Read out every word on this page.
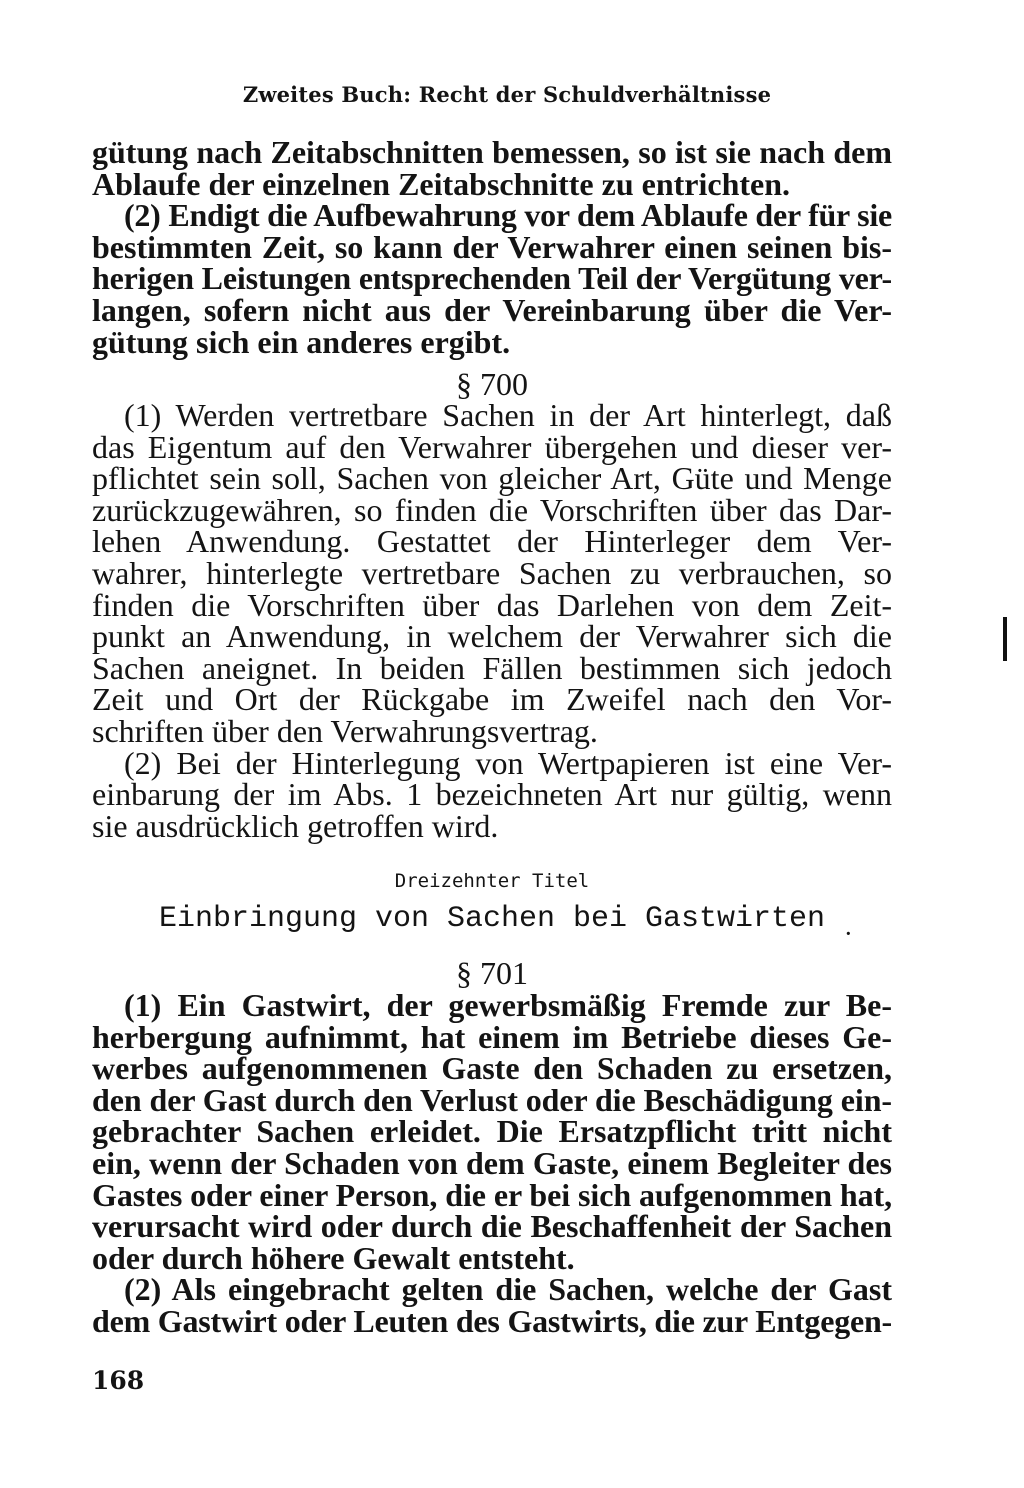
Zweites Buch: Recht der Schuldverhältnisse
gütung nach Zeitabschnitten bemessen, so ist sie nach dem
Ablaufe der einzelnen Zeitabschnitte zu entrichten.
(2) Endigt die Aufbewahrung vor dem Ablaufe der für sie
bestimmten Zeit, so kann der Verwahrer einen seinen bis-
herigen Leistungen entsprechenden Teil der Vergütung ver-
langen, sofern nicht aus der Vereinbarung über die Ver-
gütung sich ein anderes ergibt.
§ 700
(1) Werden vertretbare Sachen in der Art hinterlegt, daß
das Eigentum auf den Verwahrer übergehen und dieser ver-
pflichtet sein soll, Sachen von gleicher Art, Güte und Menge
zurückzugewähren, so finden die Vorschriften über das Dar-
lehen Anwendung. Gestattet der Hinterleger dem Ver-
wahrer, hinterlegte vertretbare Sachen zu verbrauchen, so
finden die Vorschriften über das Darlehen von dem Zeit-
punkt an Anwendung, in welchem der Verwahrer sich die
Sachen aneignet. In beiden Fällen bestimmen sich jedoch
Zeit und Ort der Rückgabe im Zweifel nach den Vor-
schriften über den Verwahrungsvertrag.
(2) Bei der Hinterlegung von Wertpapieren ist eine Ver-
einbarung der im Abs. 1 bezeichneten Art nur gültig, wenn
sie ausdrücklich getroffen wird.
Dreizehnter Titel
Einbringung von Sachen bei Gastwirten ·
§ 701
(1) Ein Gastwirt, der gewerbsmäßig Fremde zur Be-
herbergung aufnimmt, hat einem im Betriebe dieses Ge-
werbes aufgenommenen Gaste den Schaden zu ersetzen,
den der Gast durch den Verlust oder die Beschädigung ein-
gebrachter Sachen erleidet. Die Ersatzpflicht tritt nicht
ein, wenn der Schaden von dem Gaste, einem Begleiter des
Gastes oder einer Person, die er bei sich aufgenommen hat,
verursacht wird oder durch die Beschaffenheit der Sachen
oder durch höhere Gewalt entsteht.
(2) Als eingebracht gelten die Sachen, welche der Gast
dem Gastwirt oder Leuten des Gastwirts, die zur Entgegen-
168
